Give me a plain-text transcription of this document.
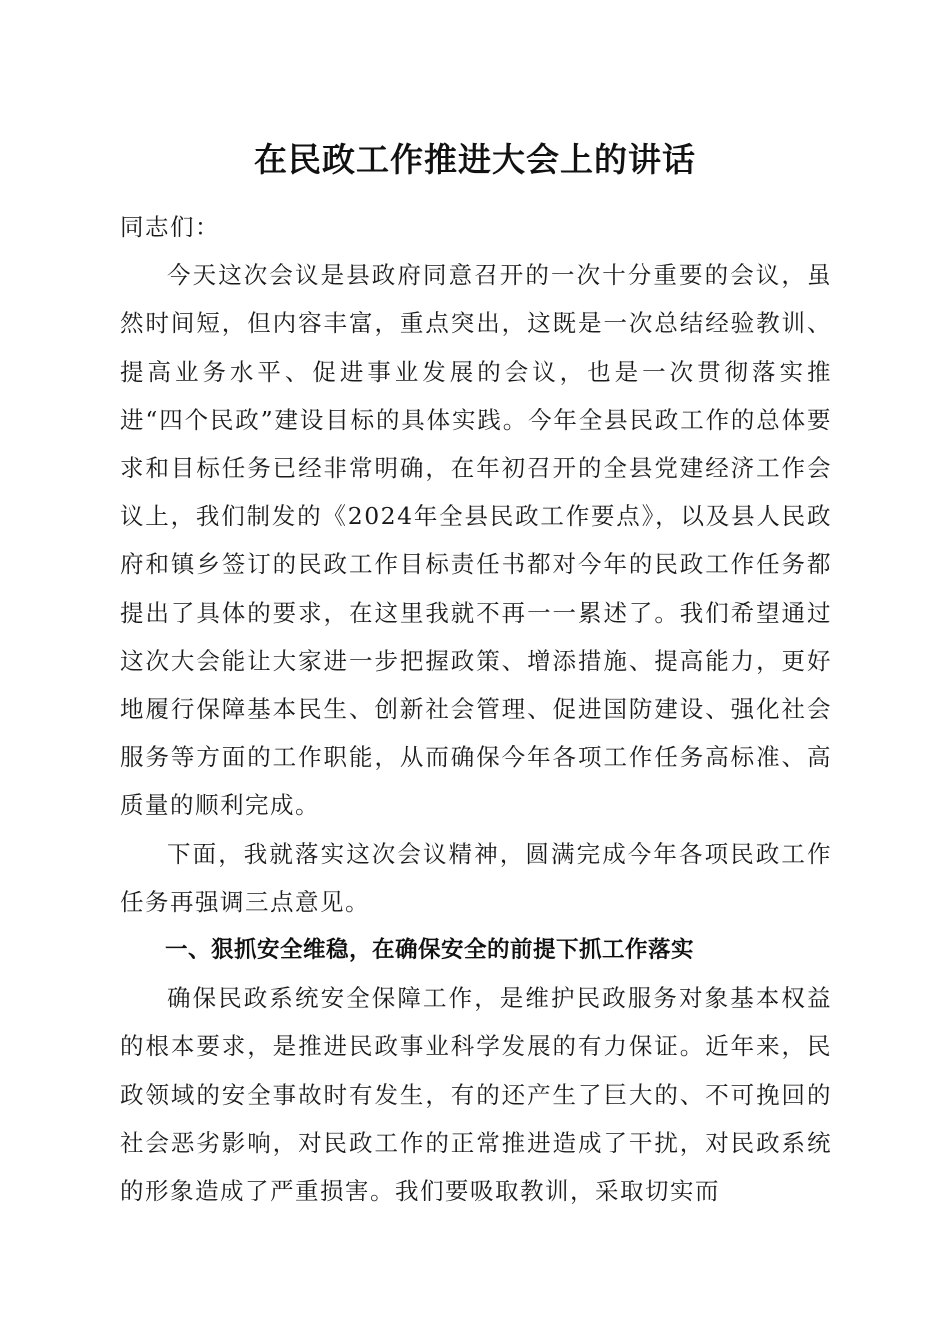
在民政工作推进大会上的讲话

同志们：

今天这次会议是县政府同意召开的一次十分重要的会议，虽然时间短，但内容丰富，重点突出，这既是一次总结经验教训、提高业务水平、促进事业发展的会议，也是一次贯彻落实推进“四个民政”建设目标的具体实践。今年全县民政工作的总体要求和目标任务已经非常明确，在年初召开的全县党建经济工作会议上，我们制发的《2024年全县民政工作要点》，以及县人民政府和镇乡签订的民政工作目标责任书都对今年的民政工作任务都提出了具体的要求，在这里我就不再一一累述了。我们希望通过这次大会能让大家进一步把握政策、增添措施、提高能力，更好地履行保障基本民生、创新社会管理、促进国防建设、强化社会服务等方面的工作职能，从而确保今年各项工作任务高标准、高质量的顺利完成。

下面，我就落实这次会议精神，圆满完成今年各项民政工作任务再强调三点意见。

一、狠抓安全维稳，在确保安全的前提下抓工作落实

确保民政系统安全保障工作，是维护民政服务对象基本权益的根本要求，是推进民政事业科学发展的有力保证。近年来，民政领域的安全事故时有发生，有的还产生了巨大的、不可挽回的社会恶劣影响，对民政工作的正常推进造成了干扰，对民政系统的形象造成了严重损害。我们要吸取教训，采取切实而
